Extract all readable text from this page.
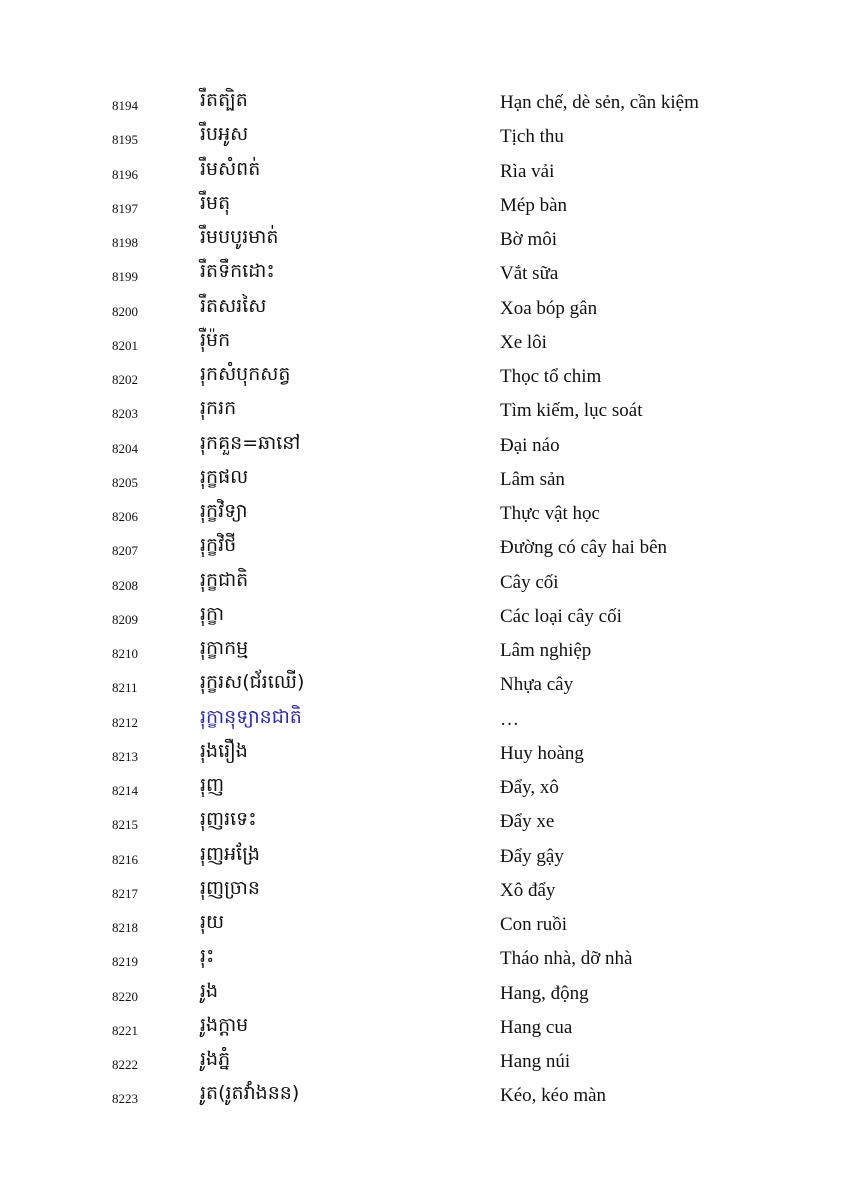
8194	រឹតត្បិត	Hạn chế, dè sẻn, cần kiệm
8195	រឹបអូស	Tịch thu
8196	រឹមសំពត់	Rìa vải
8197	រឹមតុ	Mép bàn
8198	រឹមបបូរមាត់	Bờ môi
8199	រឹតទឹកដោះ	Vắt sữa
8200	រឹតសរសៃ	Xoa bóp gân
8201	រ៉ឺម៉ក	Xe lôi
8202	រុកសំបុកសត្វ	Thọc tổ chim
8203	រុករក	Tìm kiếm, lục soát
8204	រុកគួន=ឆានៅ	Đại náo
8205	រុក្ខផល	Lâm sản
8206	រុក្ខវិទ្យា	Thực vật học
8207	រុក្ខវិថី	Đường có cây hai bên
8208	រុក្ខជាតិ	Cây cối
8209	រុក្ខា	Các loại cây cối
8210	រុក្ខាកម្ម	Lâm nghiệp
8211	រុក្ខរស(ជ័រឈើ)	Nhựa cây
8212	រុក្ខានុទ្យានជាតិ	…
8213	រុងរឿង	Huy hoàng
8214	រុញ	Đẩy, xô
8215	រុញរទេះ	Đẩy xe
8216	រុញអង្រែ	Đẩy gậy
8217	រុញច្រាន	Xô đẩy
8218	រុយ	Con ruồi
8219	រុះ	Tháo nhà, dỡ nhà
8220	រូង	Hang, động
8221	រូងក្ដាម	Hang cua
8222	រូងភ្នំ	Hang núi
8223	រូត(រូតវាំងនន)	Kéo, kéo màn
